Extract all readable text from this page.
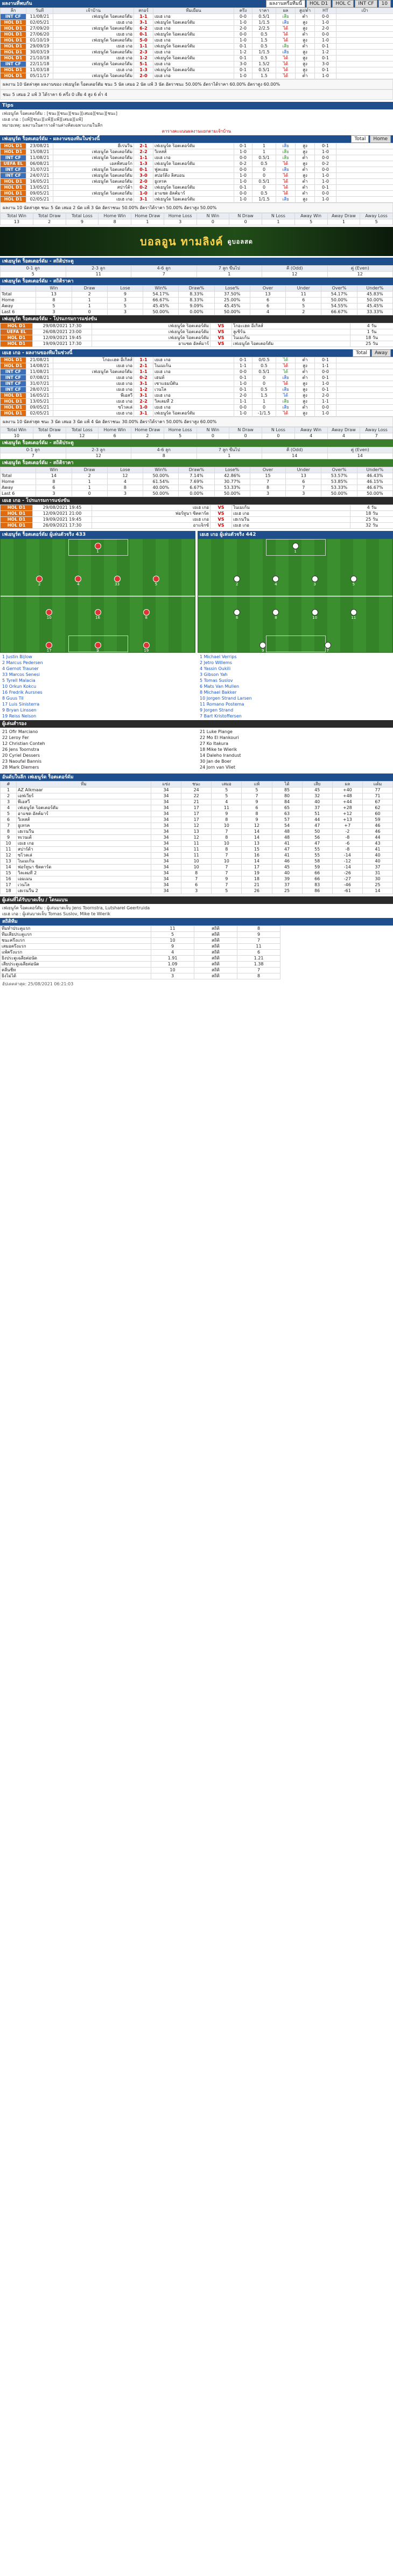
ผลงานที่พบกัน	ผลงานหรือทีมนี้	HOL D1	HOL C	INT CF	10
ลีก	วันที่	เจ้าบ้าน	สกอร์	ทีมเยือน	ครึ่ง	ราคา	ผล	สูง/ต่ำ	HT	เป้า
INT CF	11/08/21	เฟเยนูร์ด ร็อตเตอร์ดัม	1-1	เยเฮ เกอ	0-0	0.5/1	เสีย	ต่ำ	0-0	
HOL D1	02/05/21	เยเฮ เกอ	3-1	เฟเยนูร์ด ร็อตเตอร์ดัม	1-0	1/1.5	เสีย	สูง	1-0	
HOL D1	27/09/20	เฟเยนูร์ด ร็อตเตอร์ดัม	6-2	เยเฮ เกอ	2-0	2/2.5	ได้	สูง	2-0	
HOL D1	27/06/20	เยเฮ เกอ	0-1	เฟเยนูร์ด ร็อตเตอร์ดัม	0-0	0.5	ได้	ต่ำ	0-0	
HOL D1	01/10/19	เฟเยนูร์ด ร็อตเตอร์ดัม	5-0	เยเฮ เกอ	1-0	1.5	ได้	สูง	1-0	
HOL D1	29/09/19	เยเฮ เกอ	1-1	เฟเยนูร์ด ร็อตเตอร์ดัม	0-1	0.5	เสีย	ต่ำ	0-1	
HOL D1	30/03/19	เฟเยนูร์ด ร็อตเตอร์ดัม	2-3	เยเฮ เกอ	1-2	1/1.5	เสีย	สูง	1-2	
HOL D1	21/10/18	เยเฮ เกอ	1-2	เฟเยนูร์ด ร็อตเตอร์ดัม	0-1	0.5	ได้	สูง	0-1	
INT CF	22/11/18	เฟเยนูร์ด ร็อตเตอร์ดัม	5-1	เยเฮ เกอ	3-0	1.5/2	ได้	สูง	3-0	
HOL D1	11/03/18	เยเฮ เกอ	1-3	เฟเยนูร์ด ร็อตเตอร์ดัม	0-1	0.5/1	ได้	สูง	0-1	
HOL D1	05/11/17	เฟเยนูร์ด ร็อตเตอร์ดัม	2-0	เยเฮ เกอ	1-0	1.5	ได้	ต่ำ	1-0	
ผลงาน 10 นัดล่าสุด ผลงานของ เฟเยนูร์ด ร็อตเตอร์ดัม ชนะ 5 นัด เสมอ 2 นัด แพ้ 3 นัด อัตราชนะ 50.00% อัตราได้ราคา 60.00% อัตราสูง 60.00%
ชนะ 5 เสมอ 2 แพ้ 3 ได้ราคา 6 ครึ่ง 0 เสีย 4 สูง 6 ต่ำ 4
Tips
เฟเยนูร์ด ร็อตเตอร์ดัม : [ชนะ][ชนะ][ชนะ][เสมอ][ชนะ][ชนะ]
เยเฮ เกอ : [แพ้][ชนะ][แพ้][แพ้][เสมอ][แพ้]
หมายเหตุ: ผลงานในตารางด้านล่างคิดเฉพาะเกมในลีก
ตารางคะแนนผลงานแยกตามเจ้าบ้าน
เฟเยนูร์ด ร็อตเตอร์ดัม - ผลงานของทีมในช่วงนี้	Total	Home
HOL D1	23/08/21	ฮีเรนวีน	2-1	เฟเยนูร์ด ร็อตเตอร์ดัม	0-1	1	เสีย	สูง	0-1	
HOL D1	15/08/21	เฟเยนูร์ด ร็อตเตอร์ดัม	2-2	วิเทสส์	1-0	1	เสีย	สูง	1-0	
INT CF	11/08/21	เฟเยนูร์ด ร็อตเตอร์ดัม	1-1	เยเฮ เกอ	0-0	0.5/1	เสีย	ต่ำ	0-0	
UEFA EL	06/08/21	เอลฟ์สบอร์ก	1-3	เฟเยนูร์ด ร็อตเตอร์ดัม	0-2	0.5	ได้	สูง	0-2	
INT CF	31/07/21	เฟเยนูร์ด ร็อตเตอร์ดัม	0-1	ฟูลแฮม	0-0	0	เสีย	ต่ำ	0-0	
INT CF	24/07/21	เฟเยนูร์ด ร็อตเตอร์ดัม	3-0	สปอร์ติ้ง ลิสบอน	1-0	0	ได้	สูง	1-0	
HOL D1	16/05/21	เฟเยนูร์ด ร็อตเตอร์ดัม	2-0	ยูเทรค	1-0	0.5/1	ได้	ต่ำ	1-0	
HOL D1	13/05/21	สปาร์ต้า	0-2	เฟเยนูร์ด ร็อตเตอร์ดัม	0-1	0	ได้	ต่ำ	0-1	
HOL D1	09/05/21	เฟเยนูร์ด ร็อตเตอร์ดัม	1-0	อาแซด อัลค์มาร์	0-0	0.5	ได้	ต่ำ	0-0	
HOL D1	02/05/21	เยเฮ เกอ	3-1	เฟเยนูร์ด ร็อตเตอร์ดัม	1-0	1/1.5	เสีย	สูง	1-0	
ผลงาน 10 นัดล่าสุด ชนะ 5 นัด เสมอ 2 นัด แพ้ 3 นัด อัตราชนะ 50.00% อัตราได้ราคา 50.00% อัตราสูง 50.00%
Total Win	Total Draw	Total Loss	Home Win	Home Draw	Home Loss	N Win	N Draw	N Loss	Away Win	Away Draw	Away Loss
13	2	9	8	1	3	0	0	1	5	1	5
บอลอูน ทามลิงค์ ดูบอลสด
เฟเยนูร์ด ร็อตเตอร์ดัม - สถิติประตู
0-1 ลูก	2-3 ลูก	4-6 ลูก	7 ลูก ขึ้นไป	คี่ (Odd)	คู่ (Even)
5	11	7	1	12	12
เฟเยนูร์ด ร็อตเตอร์ดัม - สถิติราคา
	Win	Draw	Lose	Win%	Draw%	Lose%	Over	Under	Over%	Under%
Total	13	2	9	54.17%	8.33%	37.50%	13	11	54.17%	45.83%
Home	8	1	3	66.67%	8.33%	25.00%	6	6	50.00%	50.00%
Away	5	1	5	45.45%	9.09%	45.45%	6	5	54.55%	45.45%
Last 6	3	0	3	50.00%	0.00%	50.00%	4	2	66.67%	33.33%
เฟเยนูร์ด ร็อตเตอร์ดัม - โปรแกรมการแข่งขัน
HOL D1	29/08/2021 17:30	เฟเยนูร์ด ร็อตเตอร์ดัม	VS	โกอะเฮด อีเกิ้ลส์	4 วัน
UEFA EL	26/08/2021 23:00	เฟเยนูร์ด ร็อตเตอร์ดัม	VS	ลูเซิร์น	1 วัน
HOL D1	12/09/2021 19:45	เฟเยนูร์ด ร็อตเตอร์ดัม	VS	ไนเมเก้น	18 วัน
HOL D1	19/09/2021 17:30	อาแซด อัลค์มาร์	VS	เฟเยนูร์ด ร็อตเตอร์ดัม	25 วัน
เยเฮ เกอ - ผลงานของทีมในช่วงนี้	Total	Away
HOL D1	21/08/21	โกอะเฮด อีเกิ้ลส์	1-1	เยเฮ เกอ	0-1	0/0.5	ได้	ต่ำ	0-1	
HOL D1	14/08/21	เยเฮ เกอ	2-1	ไนเมเก้น	1-1	0.5	ได้	สูง	1-1	
INT CF	11/08/21	เฟเยนูร์ด ร็อตเตอร์ดัม	1-1	เยเฮ เกอ	0-0	0.5/1	ได้	ต่ำ	0-0	
INT CF	07/08/21	เยเฮ เกอ	0-2	เฮนท์	0-1	0	เสีย	ต่ำ	0-1	
INT CF	31/07/21	เยเฮ เกอ	3-1	เซาแธมป์ตัน	1-0	0	ได้	สูง	1-0	
INT CF	28/07/21	เยเฮ เกอ	1-2	เวนโล	0-1	0.5	เสีย	สูง	0-1	
HOL D1	16/05/21	พีเอสวี	3-1	เยเฮ เกอ	2-0	1.5	ได้	สูง	2-0	
HOL D1	13/05/21	เยเฮ เกอ	2-2	วิลเลมที่ 2	1-1	1	เสีย	สูง	1-1	
HOL D1	09/05/21	ซโวลเล่	1-0	เยเฮ เกอ	0-0	0	เสีย	ต่ำ	0-0	
HOL D1	02/05/21	เยเฮ เกอ	3-1	เฟเยนูร์ด ร็อตเตอร์ดัม	1-0	-1/1.5	ได้	สูง	1-0	
ผลงาน 10 นัดล่าสุด ชนะ 3 นัด เสมอ 3 นัด แพ้ 4 นัด อัตราชนะ 30.00% อัตราได้ราคา 50.00% อัตราสูง 60.00%
Total Win	Total Draw	Total Loss	Home Win	Home Draw	Home Loss	N Win	N Draw	N Loss	Away Win	Away Draw	Away Loss
10	6	12	6	2	5	0	0	0	4	4	7
เฟเยนูร์ด ร็อตเตอร์ดัม - สถิติประตู
0-1 ลูก	2-3 ลูก	4-6 ลูก	7 ลูก ขึ้นไป	คี่ (Odd)	คู่ (Even)
7	12	8	1	14	14
เฟเยนูร์ด ร็อตเตอร์ดัม - สถิติราคา
	Win	Draw	Lose	Win%	Draw%	Lose%	Over	Under	Over%	Under%
Total	14	2	12	50.00%	7.14%	42.86%	15	13	53.57%	46.43%
Home	8	1	4	61.54%	7.69%	30.77%	7	6	53.85%	46.15%
Away	6	1	8	40.00%	6.67%	53.33%	8	7	53.33%	46.67%
Last 6	3	0	3	50.00%	0.00%	50.00%	3	3	50.00%	50.00%
เยเฮ เกอ - โปรแกรมการแข่งขัน
HOL D1	29/08/2021 19:45	เยเฮ เกอ	VS	ไนเมเก้น	4 วัน
HOL D1	12/09/2021 21:00	ฟอร์ทูนา ซิตตาร์ด	VS	เยเฮ เกอ	18 วัน
HOL D1	19/09/2021 19:45	เยเฮ เกอ	VS	เฮเรนวีน	25 วัน
HOL D1	26/09/2021 17:30	อาแจ็กซ์	VS	เยเฮ เกอ	32 วัน
เฟเยนูร์ด ร็อตเตอร์ดัม ผู้เล่นตัวจริง 433
1
2	4	33	5
10	16	8
17	9	19
เยเฮ เกอ ผู้เล่นตัวจริง 442
1
2	4	3	5
6	8	10	11
9	7
1 Justin Bijlow
2 Marcus Pedersen
4 Gernot Trauner
33 Marcos Senesi
5 Tyrell Malacia
10 Orkun Kokcu
16 Fredrik Aursnes
8 Guus Til
17 Luis Sinisterra
9 Bryan Linssen
19 Reiss Nelson
1 Michael Verrips
2 Jetro Willems
4 Yassin Oukili
3 Gibson Yah
5 Tomas Suslov
6 Mats Van Mullen
8 Michael Bakker
10 Jorgen Strand Larsen
11 Romano Postema
9 Jorgen Strand
7 Bart Kristoffersen
ผู้เล่นสำรอง
21 Ofir Marciano
22 Leroy Fer
12 Christian Conteh
26 Jens Toornstra
20 Cyriel Dessers
23 Naoufal Bannis
28 Mark Diemers
21 Luke Plange
22 Mo El Hankouri
27 Ko Itakura
18 Mike te Wierik
14 Daleho Irandust
30 Jan de Boer
24 Jorn van Vliet
อันดับในลีก เฟเยนูร์ด ร็อตเตอร์ดัม
#	ทีม	แข่ง	ชนะ	เสมอ	แพ้	ได้	เสีย	ผล	แต้ม
1	AZ Alkmaar	34	24	5	5	85	45	+40	77
2	เอฟเวียร์	34	22	5	7	80	32	+48	71
3	พีเอสวี	34	21	4	9	84	40	+44	67
4	เฟเยนูร์ด ร็อตเตอร์ดัม	34	17	11	6	65	37	+28	62
5	อาแซด อัลค์มาร์	34	17	9	8	63	51	+12	60
6	วิเทสส์	34	17	8	9	57	44	+13	59
7	ยูเทรค	34	12	10	12	54	47	+7	46
8	เฮเรนวีน	34	13	7	14	48	50	-2	46
9	ทเวนเต้	34	12	8	14	48	56	-8	44
10	เยเฮ เกอ	34	11	10	13	41	47	-6	43
11	สปาร์ต้า	34	11	8	15	47	55	-8	41
12	ซโวลเล่	34	11	7	16	41	55	-14	40
13	ไนเมเก้น	34	10	10	14	46	58	-12	40
14	ฟอร์ทูนา ซิตตาร์ด	34	10	7	17	45	59	-14	37
15	วิลเลมที่ 2	34	8	7	19	40	66	-26	31
16	เอมเมน	34	7	9	18	39	66	-27	30
17	เวนโล	34	6	7	21	37	83	-46	25
18	เฮเรนวีน 2	34	3	5	26	25	86	-61	14
ผู้เล่นที่ได้รับบาดเจ็บ / โดนแบน
เฟเยนูร์ด ร็อตเตอร์ดัม : ผู้เล่นบาดเจ็บ Jens Toornstra, Lutsharel Geertruida
เยเฮ เกอ : ผู้เล่นบาดเจ็บ Tomas Suslov, Mike te Wierik
สถิติทีม
ทีมทำประตูแรก	11	สถิติ	8
ทีมเสียประตูแรก	5	สถิติ	9
ชนะครึ่งแรก	10	สถิติ	7
เสมอครึ่งแรก	9	สถิติ	11
แพ้ครึ่งแรก	4	สถิติ	6
ยิงประตูเฉลี่ยต่อนัด	1.91	สถิติ	1.21
เสียประตูเฉลี่ยต่อนัด	1.09	สถิติ	1.38
คลีนชีท	10	สถิติ	7
ยิงไม่ได้	3	สถิติ	8
อัปเดตล่าสุด: 25/08/2021 06:21:03
